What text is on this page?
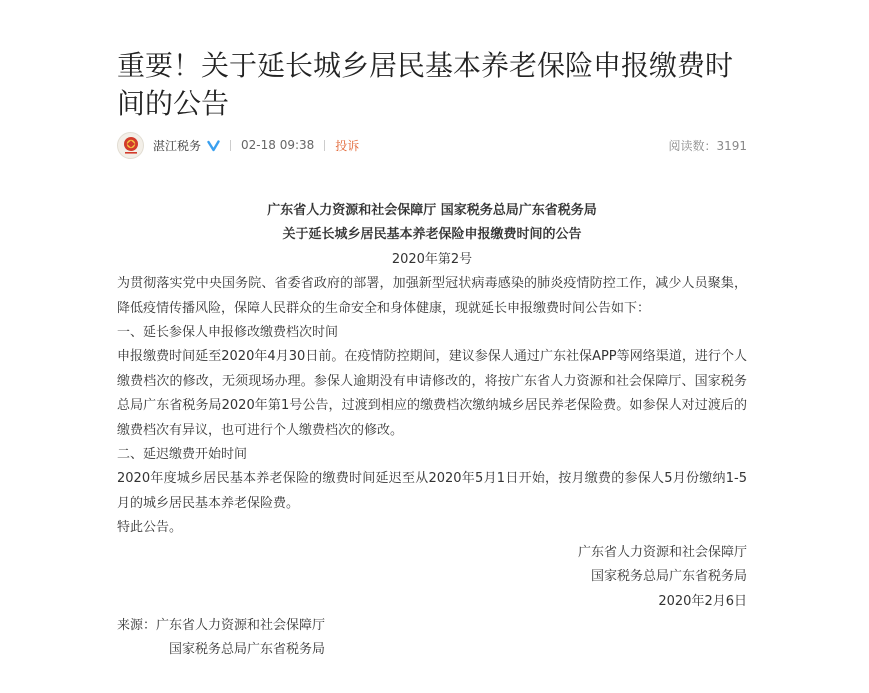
重要！关于延长城乡居民基本养老保险申报缴费时间的公告
湛江税务	02-18 09:38 投诉	阅读数：3191

广东省人力资源和社会保障厅 国家税务总局广东省税务局

关于延长城乡居民基本养老保险申报缴费时间的公告

2020年第2号

为贯彻落实党中央国务院、省委省政府的部署，加强新型冠状病毒感染的肺炎疫情防控工作，减少人员聚集，降低疫情传播风险，保障人民群众的生命安全和身体健康，现就延长申报缴费时间公告如下：

一、延长参保人申报修改缴费档次时间

申报缴费时间延至2020年4月30日前。在疫情防控期间，建议参保人通过广东社保APP等网络渠道，进行个人缴费档次的修改，无须现场办理。参保人逾期没有申请修改的，将按广东省人力资源和社会保障厅、国家税务总局广东省税务局2020年第1号公告，过渡到相应的缴费档次缴纳城乡居民养老保险费。如参保人对过渡后的缴费档次有异议，也可进行个人缴费档次的修改。

二、延迟缴费开始时间

2020年度城乡居民基本养老保险的缴费时间延迟至从2020年5月1日开始，按月缴费的参保人5月份缴纳1-5月的城乡居民基本养老保险费。

特此公告。

广东省人力资源和社会保障厅

国家税务总局广东省税务局

2020年2月6日

来源：广东省人力资源和社会保障厅

国家税务总局广东省税务局
